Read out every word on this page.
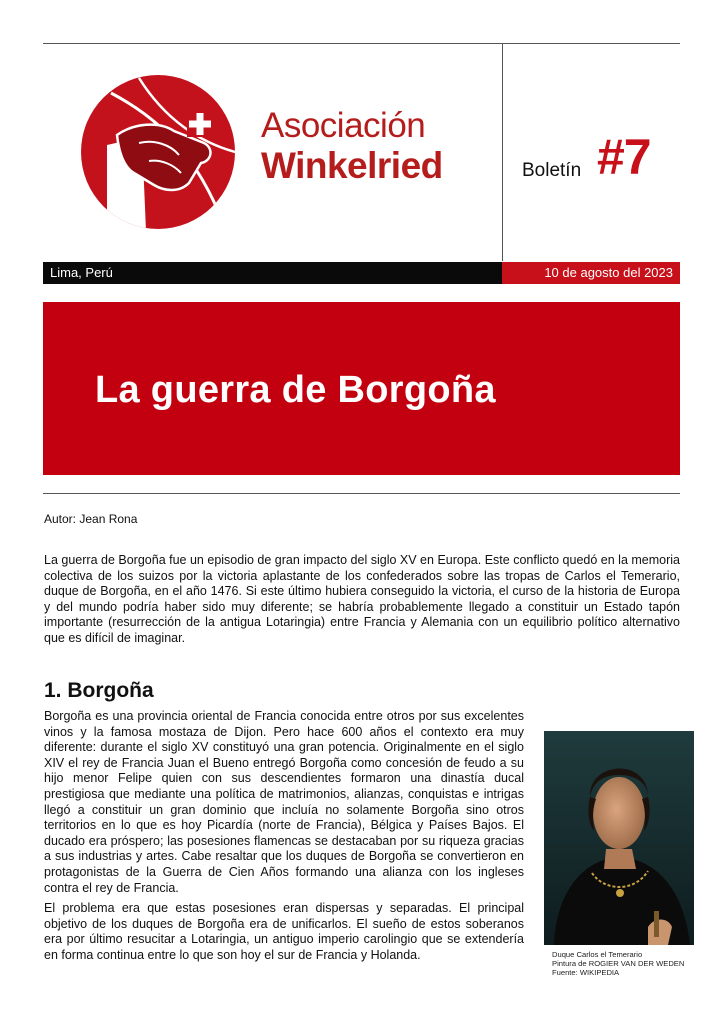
Asociación
Winkelried	Boletín #7
Lima, Perú	10 de agosto del 2023
La guerra de Borgoña
Autor: Jean Rona

La guerra de Borgoña fue un episodio de gran impacto del siglo XV en Europa. Este conflicto quedó en la memoria colectiva de los suizos por la victoria aplastante de los confederados sobre las tropas de Carlos el Temerario, duque de Borgoña, en el año 1476. Si este último hubiera conseguido la victoria, el curso de la historia de Europa y del mundo podría haber sido muy diferente; se habría probablemente llegado a constituir un Estado tapón importante (resurrección de la antigua Lotaringia) entre Francia y Alemania con un equilibrio político alternativo que es difícil de imaginar.

1. Borgoña

Borgoña es una provincia oriental de Francia conocida entre otros por sus excelentes vinos y la famosa mostaza de Dijon. Pero hace 600 años el contexto era muy diferente: durante el siglo XV constituyó una gran potencia. Originalmente en el siglo XIV el rey de Francia Juan el Bueno entregó Borgoña como concesión de feudo a su hijo menor Felipe quien con sus descendientes formaron una dinastía ducal prestigiosa que mediante una política de matrimonios, alianzas, conquistas e intrigas llegó a constituir un gran dominio que incluía no solamente Borgoña sino otros territorios en lo que es hoy Picardía (norte de Francia), Bélgica y Países Bajos. El ducado era próspero; las posesiones flamencas se destacaban por su riqueza gracias a sus industrias y artes. Cabe resaltar que los duques de Borgoña se convertieron en protagonistas de la Guerra de Cien Años formando una alianza con los ingleses contra el rey de Francia.

El problema era que estas posesiones eran dispersas y separadas. El principal objetivo de los duques de Borgoña era de unificarlos. El sueño de estos soberanos era por último resucitar a Lotaringia, un antiguo imperio carolingio que se extendería en forma continua entre lo que son hoy el sur de Francia y Holanda.	Duque Carlos el Temerario
Pintura de ROGIER VAN DER WEDEN
Fuente: WIKIPEDIA
